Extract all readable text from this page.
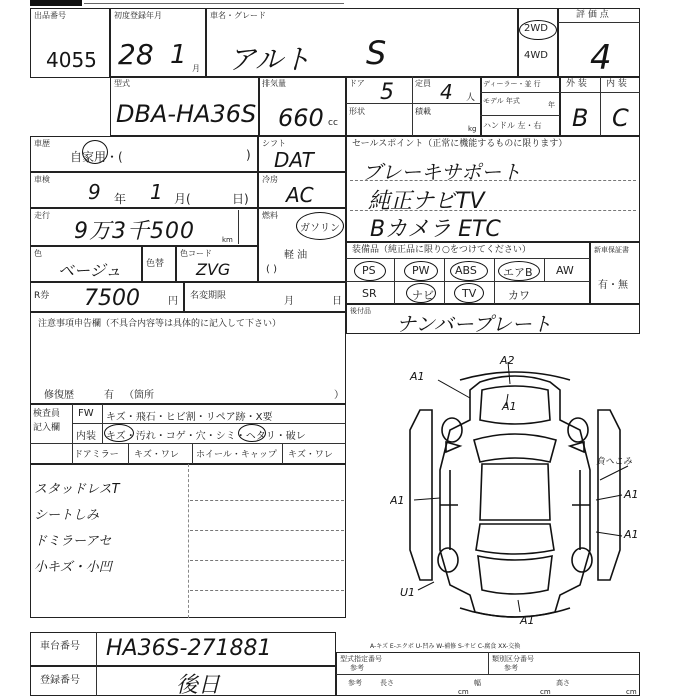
出品番号
4055
初度登録年月
28 1 月
車名・グレード
アルト S
2WD
4WD
評 価 点
4
型式
DBA-HA36S
排気量
660 cc
ドア 5	定員 4 人
形状	積載
kg
ディーラー・並 行
モデル 年式	年
ハンドル 左・右
外 装 内 装
B C
車歴
自家用・(	)
シフト
DAT
セールスポイント（正常に機能するものに限ります）
ブレーキサポート
純正ナビTV
Bカメラ ETC
車検
9 年 1 月(	日)
冷房
AC
走行
9万3千500	km
燃料
ガソリン
軽 油
( )
色
ベージュ	色替
色コード
ZVG
装備品（純正品に限り○をつけてください）
PS	PW ABS エアB AW
SR	ナビ	TV	カワ
新車保証書
有・無
R券 7500	円 名変期限	月	日
後付品
ナンバープレート
注意事項申告欄（不具合内容等は具体的に記入して下さい）
修復歴	有 （箇所	）
検査員
記入欄
FW キズ・飛石・ヒビ割・リペア跡・X要
内装 キズ・汚れ・コゲ・穴・シミ・ヘタリ・破レ
ドアミラー キズ・ワレ ホイール・キャップ キズ・ワレ
スタッドレスT
シートしみ
ドミラーアセ
小キズ・小凹
A1
A2
A1
A1	A1
U1
A1
A1
負へこみ
A-キズ E-エクボ U-凹み W-補修 S-サビ C-腐食 XX-交換
車台番号 HA36S-271881
登録番号	後日
型式指定番号
参考
類別区分番号
参考
参考	長さ
cm
幅
cm
高さ
cm
